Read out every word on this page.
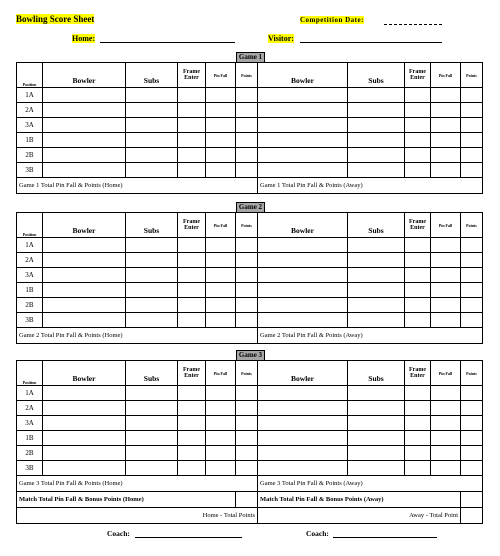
Bowling Score Sheet	Competition Date:
Home:	Visitor:
Game 1
Position	Bowler	Subs	Frame Enter	Pin Fall	Points	Bowler	Subs	Frame Enter	Pin Fall	Points
1A										
2A										
3A										
1B										
2B										
3B										
Game 1 Total Pin Fall & Points (Home)						Game 1 Total Pin Fall & Points (Away)				
Game 2
Position	Bowler	Subs	Frame Enter	Pin Fall	Points	Bowler	Subs	Frame Enter	Pin Fall	Points
1A										
2A										
3A										
1B										
2B										
3B										
Game 2 Total Pin Fall & Points (Home)						Game 2 Total Pin Fall & Points (Away)				
Game 3
Position	Bowler	Subs	Frame Enter	Pin Fall	Points	Bowler	Subs	Frame Enter	Pin Fall	Points
1A										
2A										
3A										
1B										
2B										
3B										
Game 3 Total Pin Fall & Points (Home)						Game 3 Total Pin Fall & Points (Away)				
Match Total Pin Fall & Bonus Points (Home)						Match Total Pin Fall & Bonus Points (Away)				
Home - Total Points						Away - Total Point				
Coach:	Coach:
